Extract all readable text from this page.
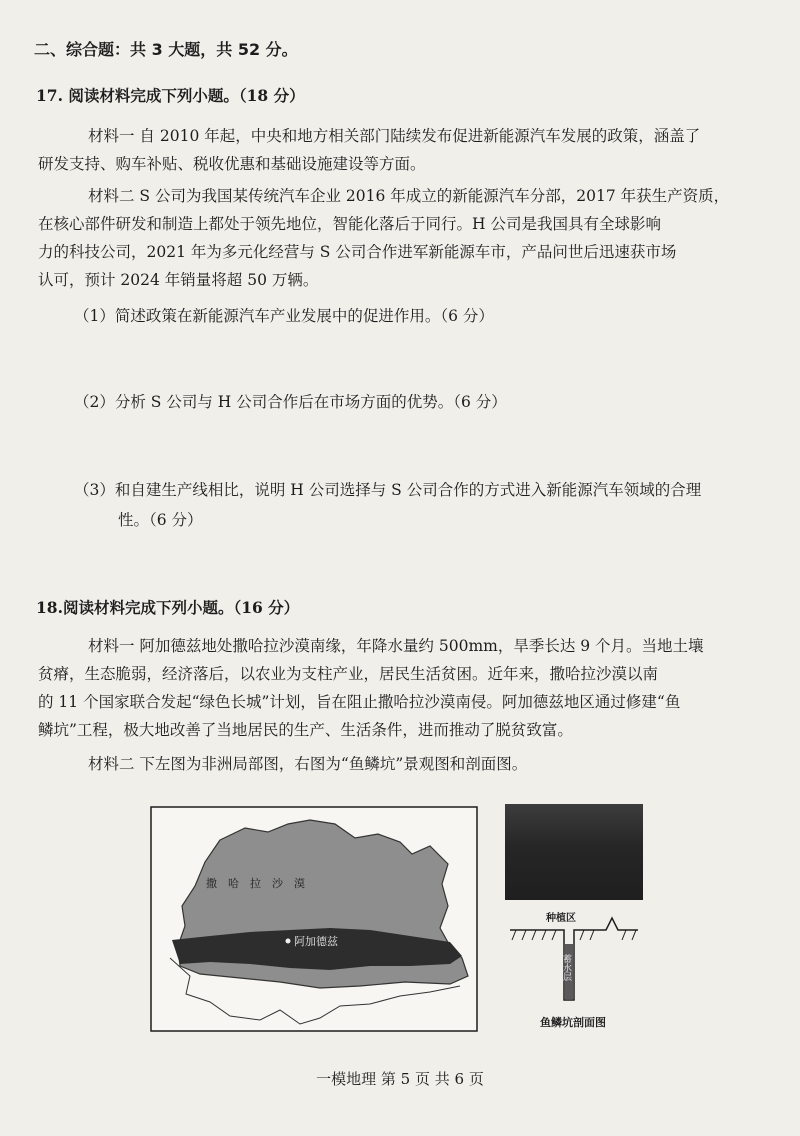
二、综合题：共 3 大题，共 52 分。
17. 阅读材料完成下列小题。（18 分）
材料一 自 2010 年起，中央和地方相关部门陆续发布促进新能源汽车发展的政策，涵盖了
研发支持、购车补贴、税收优惠和基础设施建设等方面。
材料二 S 公司为我国某传统汽车企业 2016 年成立的新能源汽车分部，2017 年获生产资质，
在核心部件研发和制造上都处于领先地位，智能化落后于同行。H 公司是我国具有全球影响
力的科技公司，2021 年为多元化经营与 S 公司合作进军新能源车市，产品问世后迅速获市场
认可，预计 2024 年销量将超 50 万辆。
（1）简述政策在新能源汽车产业发展中的促进作用。（6 分）
（2）分析 S 公司与 H 公司合作后在市场方面的优势。（6 分）
（3）和自建生产线相比，说明 H 公司选择与 S 公司合作的方式进入新能源汽车领域的合理
性。（6 分）
18.阅读材料完成下列小题。（16 分）
材料一 阿加德兹地处撒哈拉沙漠南缘，年降水量约 500mm，旱季长达 9 个月。当地土壤
贫瘠，生态脆弱，经济落后，以农业为支柱产业，居民生活贫困。近年来，撒哈拉沙漠以南
的 11 个国家联合发起“绿色长城”计划，旨在阻止撒哈拉沙漠南侵。阿加德兹地区通过修建“鱼
鳞坑”工程，极大地改善了当地居民的生产、生活条件，进而推动了脱贫致富。
材料二 下左图为非洲局部图，右图为“鱼鳞坑”景观图和剖面图。
撒　哈　拉　沙　漠
阿加德兹
种植区
蓄水层
鱼鳞坑剖面图
一模地理 第 5 页 共 6 页
